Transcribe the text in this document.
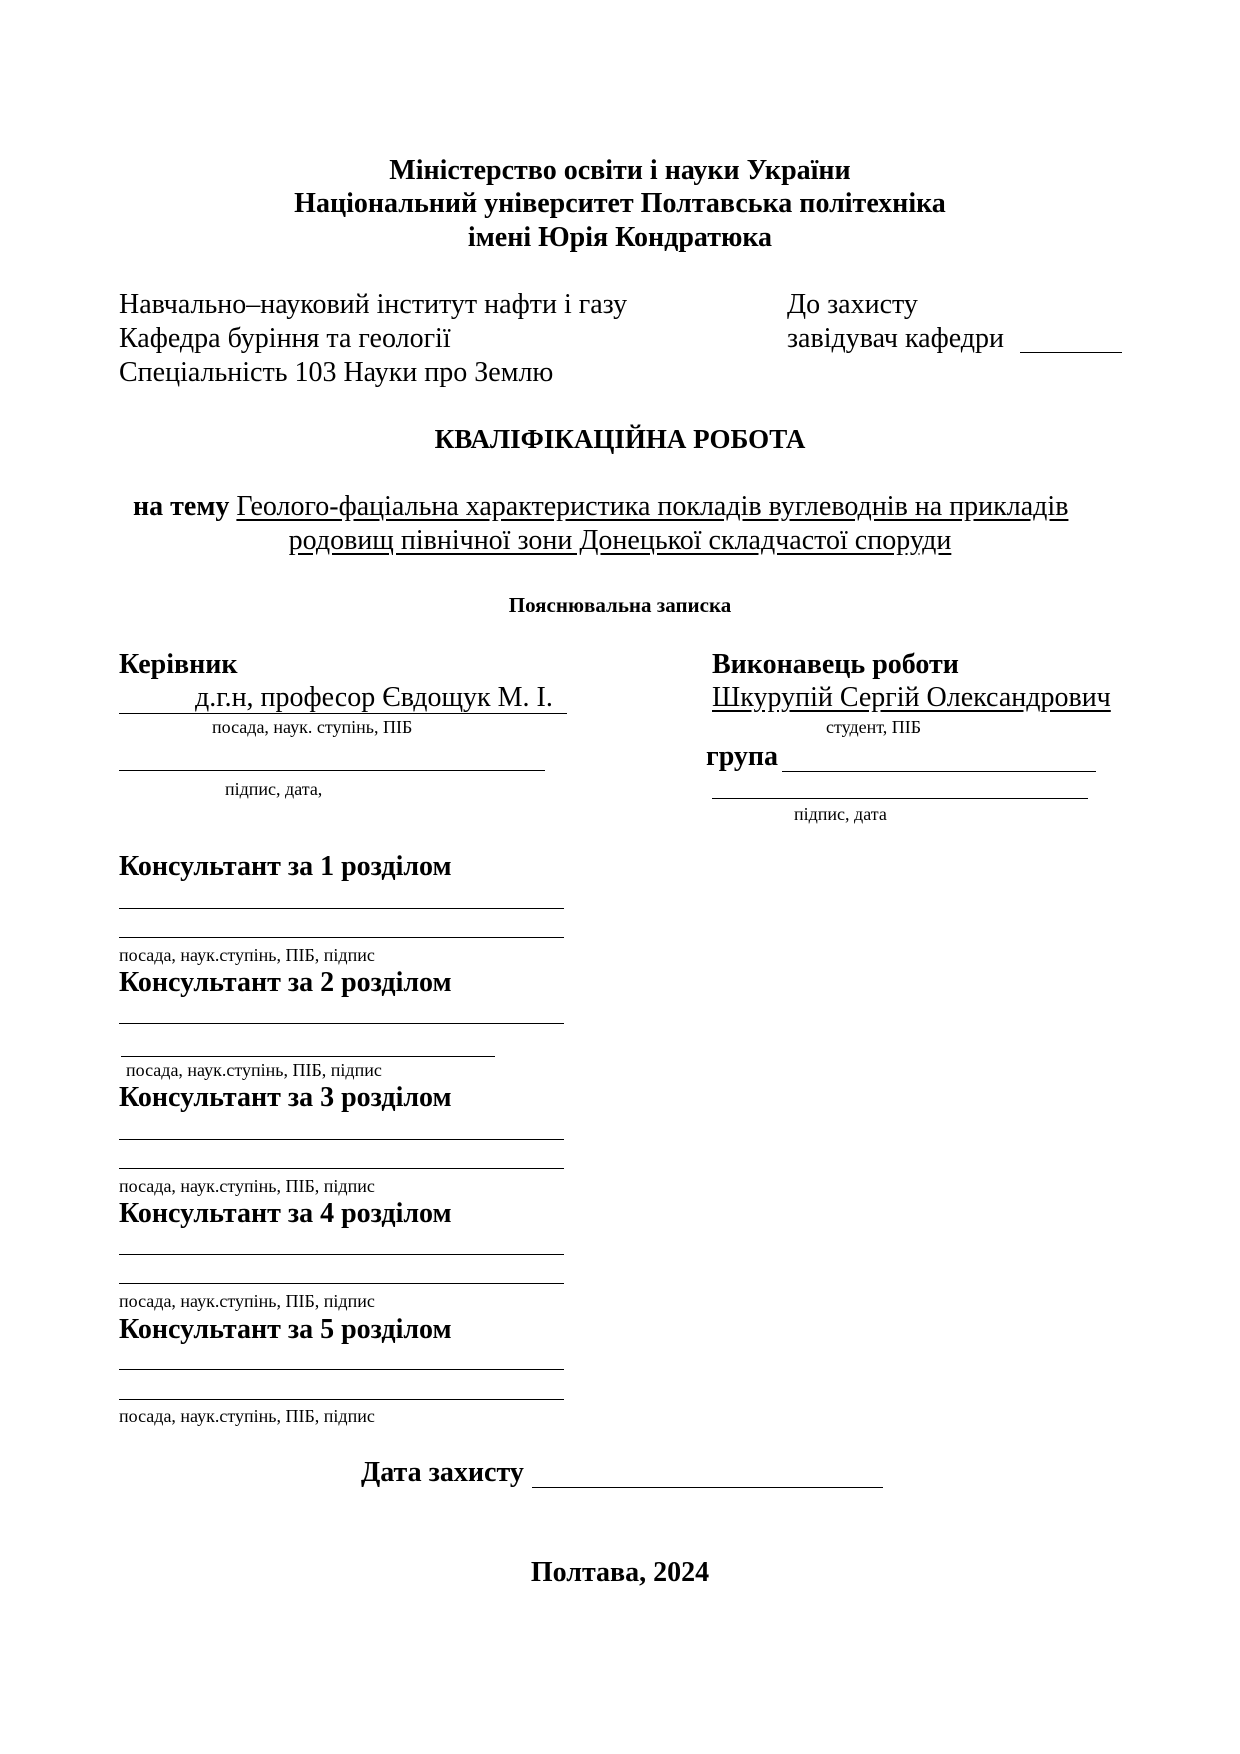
Міністерство освіти і науки України
Національний університет Полтавська політехніка
імені Юрія Кондратюка
Навчально–науковий інститут нафти і газу
Кафедра буріння та геології
Спеціальність 103 Науки про Землю
До захисту
завідувач кафедри
КВАЛІФІКАЦІЙНА РОБОТА
на тему Геолого-фаціальна характеристика покладів вуглеводнів на прикладів
родовищ північної зони Донецької складчастої споруди
Пояснювальна записка
Керівник
д.г.н, професор Євдощук М. І.
посада, наук. ступінь, ПІБ
підпис, дата,
Виконавець роботи
Шкурупій Сергій Олександрович
студент, ПІБ
група
підпис, дата
Консультант за 1 розділом
посада, наук.ступінь, ПІБ, підпис
Консультант за 2 розділом
посада, наук.ступінь, ПІБ, підпис
Консультант за 3 розділом
посада, наук.ступінь, ПІБ, підпис
Консультант за 4 розділом
посада, наук.ступінь, ПІБ, підпис
Консультант за 5 розділом
посада, наук.ступінь, ПІБ, підпис
Дата захисту
Полтава, 2024
